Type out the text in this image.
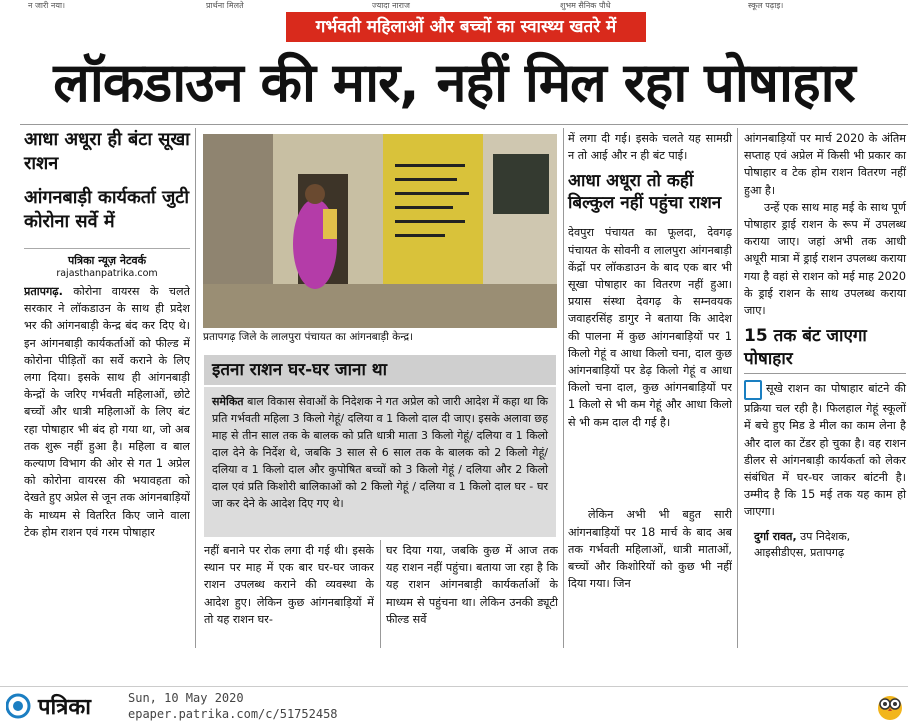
न जारी नया।	प्रार्थना मिलते	ज्यादा नाराज	शुभम सैनिक पौधे	स्कूल पढ़ाइ।
गर्भवती महिलाओं और बच्चों का स्वास्थ्य खतरे में
लॉकडाउन की मार, नहीं मिल रहा पोषाहार
आधा अधूरा ही बंटा सूखा राशन
आंगनबाड़ी कार्यकर्ता जुटी कोरोना सर्वे में
पत्रिका न्यूज़ नेटवर्क
rajasthanpatrika.com
प्रतापगढ़. कोरोना वायरस के चलते सरकार ने लॉकडाउन के साथ ही प्रदेश भर की आंगनबाड़ी केन्द्र बंद कर दिए थे। इन आंगनबाड़ी कार्यकर्ताओं को फील्ड में कोरोना पीड़ितों का सर्वे कराने के लिए लगा दिया। इसके साथ ही आंगनबाड़ी केन्द्रों के जरिए गर्भवती महिलाओं, छोटे बच्चों और धात्री महिलाओं के लिए बंट रहा पोषाहार भी बंद हो गया था, जो अब तक शुरू नहीं हुआ है। महिला व बाल कल्याण विभाग की ओर से गत 1 अप्रेल को कोरोना वायरस की भयावहता को देखते हुए अप्रेल से जून तक आंगनबाड़ियों के माध्यम से वितरित किए जाने वाला टेक होम राशन एवं गरम पोषाहार
प्रतापगढ़ जिले के लालपुरा पंचायत का आंगनबाड़ी केन्द्र।
इतना राशन घर-घर जाना था
समेकित बाल विकास सेवाओं के निदेशक ने गत अप्रेल को जारी आदेश में कहा था कि प्रति गर्भवती महिला 3 किलो गेहूं/ दलिया व 1 किलो दाल दी जाए। इसके अलावा छह माह से तीन साल तक के बालक को प्रति धात्री माता 3 किलो गेहूं/ दलिया व 1 किलो दाल देने के निर्देश थे, जबकि 3 साल से 6 साल तक के बालक को 2 किलो गेहूं/ दलिया व 1 किलो दाल और कुपोषित बच्चों को 3 किलो गेहूं / दलिया और 2 किलो दाल एवं प्रति किशोरी बालिकाओं को 2 किलो गेहूं / दलिया व 1 किलो दाल घर - घर जा कर देने के आदेश दिए गए थे।
नहीं बनाने पर रोक लगा दी गई थी। इसके स्थान पर माह में एक बार घर-घर जाकर राशन उपलब्ध कराने की व्यवस्था के आदेश हुए। लेकिन कुछ आंगनबाड़ियों में तो यह राशन घर-
घर दिया गया, जबकि कुछ में आज तक यह राशन नहीं पहुंचा। बताया जा रहा है कि यह राशन आंगनबाड़ी कार्यकर्ताओं के माध्यम से पहुंचना था। लेकिन उनकी ड्यूटी फील्ड सर्वे
में लगा दी गई। इसके चलते यह सामग्री न तो आई और न ही बंट पाई।
आधा अधूरा तो कहीं बिल्कुल नहीं पहुंचा राशन
देवपुरा पंचायत का फूलदा, देवगढ़ पंचायत के सोवनी व लालपुरा आंगनबाड़ी केंद्रों पर लॉकडाउन के बाद एक बार भी सूखा पोषाहार का वितरण नहीं हुआ। प्रयास संस्था देवगढ़ के सम्नवयक जवाहरसिंह डागुर ने बताया कि आदेश की पालना में कुछ आंगनबाड़ियों पर 1 किलो गेहूं व आधा किलो चना, दाल कुछ आंगनबाड़ियों पर डेढ़ किलो गेहूं व आधा किलो चना दाल, कुछ आंगनबाड़ियों पर 1 किलो से भी कम गेहूं और आधा किलो से भी कम दाल दी गई है।
लेकिन अभी भी बहुत सारी आंगनबाड़ियों पर 18 मार्च के बाद अब तक गर्भवती महिलाओं, धात्री माताओं, बच्चों और किशोरियों को कुछ भी नहीं दिया गया। जिन
आंगनबाड़ियों पर मार्च 2020 के अंतिम सप्ताह एवं अप्रेल में किसी भी प्रकार का पोषाहार व टेक होम राशन वितरण नहीं हुआ है।
उन्हें एक साथ माह मई के साथ पूर्ण पोषाहार ड्राई राशन के रूप में उपलब्ध कराया जाए। जहां अभी तक आधी अधूरी मात्रा में ड्राई राशन उपलब्ध कराया गया है वहां से राशन को मई माह 2020 के ड्राई राशन के साथ उपलब्ध कराया जाए।
15 तक बंट जाएगा पोषाहार
सूखे राशन का पोषाहार बांटने की प्रक्रिया चल रही है। फिलहाल गेहूं स्कूलों में बचे हुए मिड डे मील का काम लेना है और दाल का टेंडर हो चुका है। वह राशन डीलर से आंगनबाड़ी कार्यकर्ता को लेकर संबंधित में घर-घर जाकर बांटनी है। उम्मीद है कि 15 मई तक यह काम हो जाएगा।
दुर्गा रावत, उप निदेशक, आइसीडीएस, प्रतापगढ़
पत्रिका	Sun, 10 May 2020
epaper.patrika.com/c/51752458
